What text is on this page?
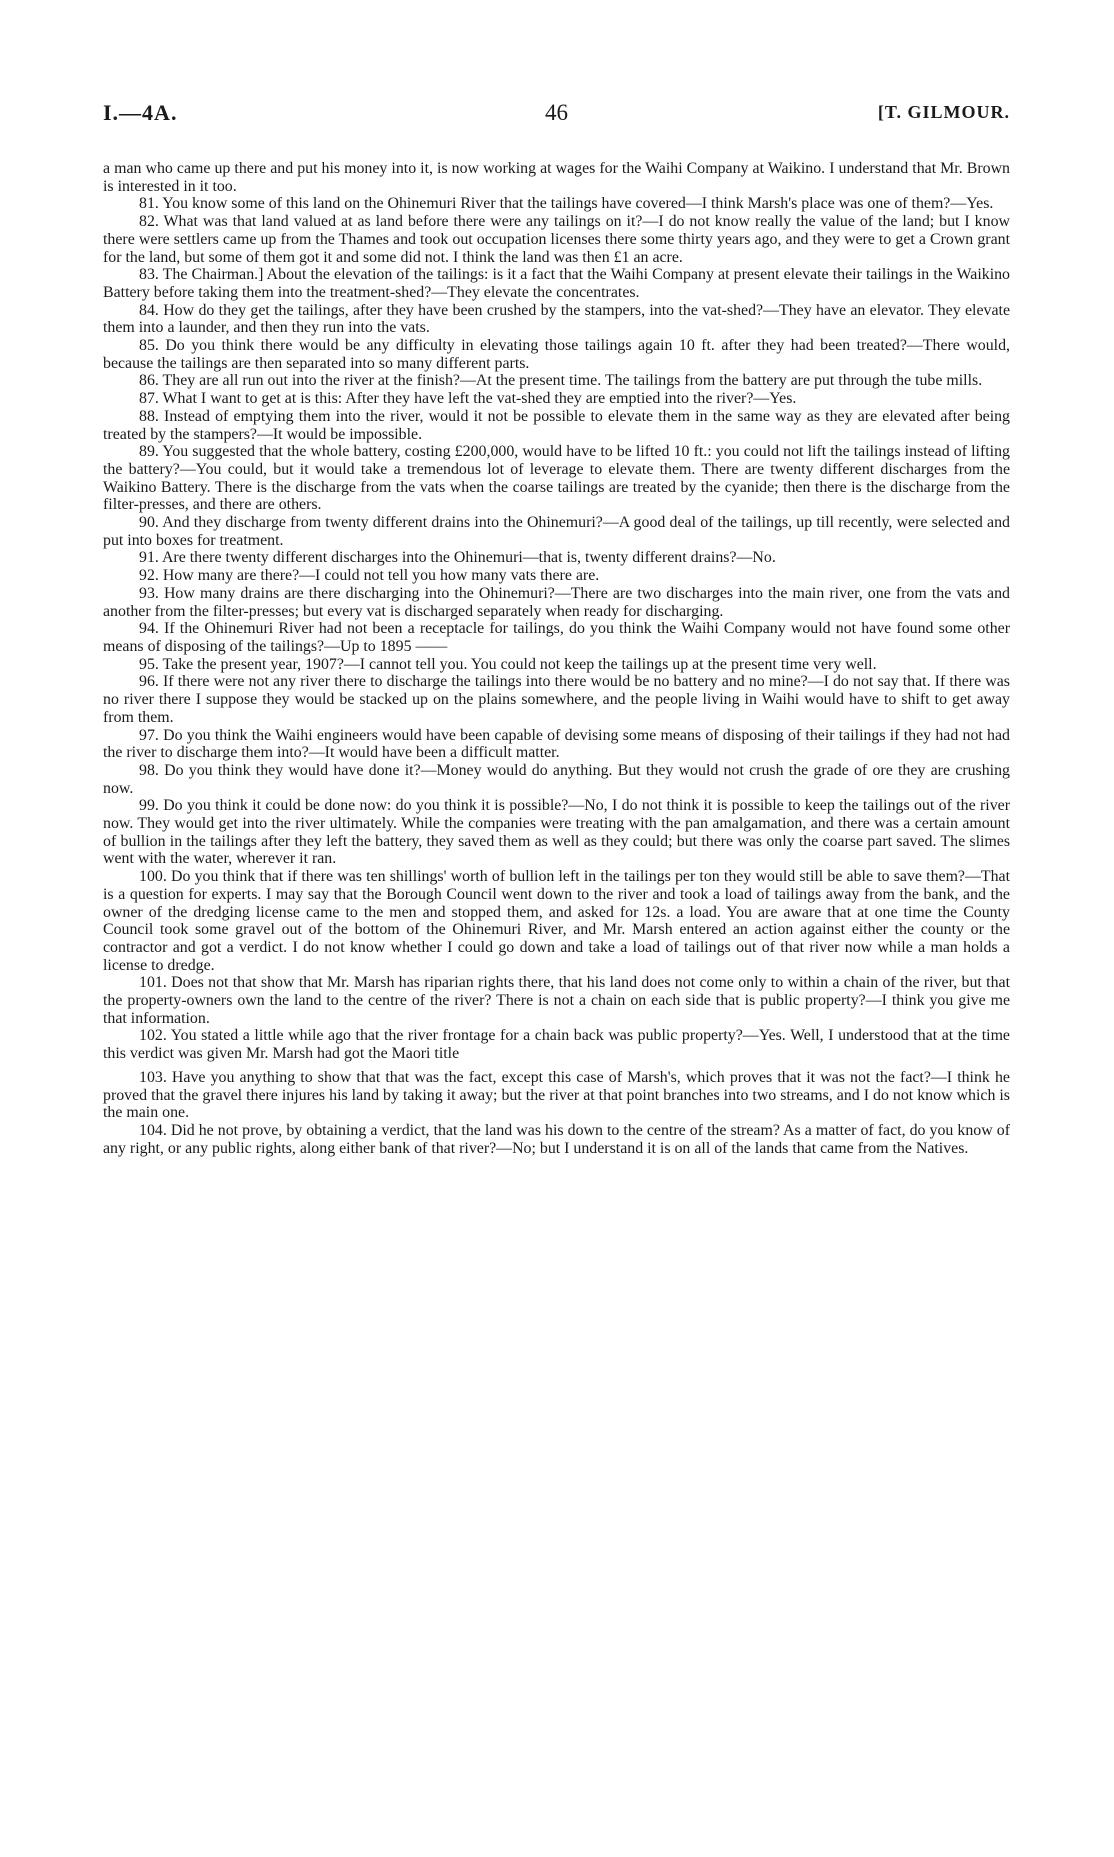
I.—4A.	46	[T. GILMOUR.

a man who came up there and put his money into it, is now working at wages for the Waihi Company at Waikino. I understand that Mr. Brown is interested in it too.

81. You know some of this land on the Ohinemuri River that the tailings have covered—I think Marsh's place was one of them?—Yes.

82. What was that land valued at as land before there were any tailings on it?—I do not know really the value of the land; but I know there were settlers came up from the Thames and took out occupation licenses there some thirty years ago, and they were to get a Crown grant for the land, but some of them got it and some did not. I think the land was then £1 an acre.

83. The Chairman.] About the elevation of the tailings: is it a fact that the Waihi Company at present elevate their tailings in the Waikino Battery before taking them into the treatment-shed?—They elevate the concentrates.

84. How do they get the tailings, after they have been crushed by the stampers, into the vat-shed?—They have an elevator. They elevate them into a launder, and then they run into the vats.

85. Do you think there would be any difficulty in elevating those tailings again 10 ft. after they had been treated?—There would, because the tailings are then separated into so many different parts.

86. They are all run out into the river at the finish?—At the present time. The tailings from the battery are put through the tube mills.

87. What I want to get at is this: After they have left the vat-shed they are emptied into the river?—Yes.

88. Instead of emptying them into the river, would it not be possible to elevate them in the same way as they are elevated after being treated by the stampers?—It would be impossible.

89. You suggested that the whole battery, costing £200,000, would have to be lifted 10 ft.: you could not lift the tailings instead of lifting the battery?—You could, but it would take a tremendous lot of leverage to elevate them. There are twenty different discharges from the Waikino Battery. There is the discharge from the vats when the coarse tailings are treated by the cyanide; then there is the discharge from the filter-presses, and there are others.

90. And they discharge from twenty different drains into the Ohinemuri?—A good deal of the tailings, up till recently, were selected and put into boxes for treatment.

91. Are there twenty different discharges into the Ohinemuri—that is, twenty different drains?—No.

92. How many are there?—I could not tell you how many vats there are.

93. How many drains are there discharging into the Ohinemuri?—There are two discharges into the main river, one from the vats and another from the filter-presses; but every vat is discharged separately when ready for discharging.

94. If the Ohinemuri River had not been a receptacle for tailings, do you think the Waihi Company would not have found some other means of disposing of the tailings?—Up to 1895 ——

95. Take the present year, 1907?—I cannot tell you. You could not keep the tailings up at the present time very well.

96. If there were not any river there to discharge the tailings into there would be no battery and no mine?—I do not say that. If there was no river there I suppose they would be stacked up on the plains somewhere, and the people living in Waihi would have to shift to get away from them.

97. Do you think the Waihi engineers would have been capable of devising some means of disposing of their tailings if they had not had the river to discharge them into?—It would have been a difficult matter.

98. Do you think they would have done it?—Money would do anything. But they would not crush the grade of ore they are crushing now.

99. Do you think it could be done now: do you think it is possible?—No, I do not think it is possible to keep the tailings out of the river now. They would get into the river ultimately. While the companies were treating with the pan amalgamation, and there was a certain amount of bullion in the tailings after they left the battery, they saved them as well as they could; but there was only the coarse part saved. The slimes went with the water, wherever it ran.

100. Do you think that if there was ten shillings' worth of bullion left in the tailings per ton they would still be able to save them?—That is a question for experts. I may say that the Borough Council went down to the river and took a load of tailings away from the bank, and the owner of the dredging license came to the men and stopped them, and asked for 12s. a load. You are aware that at one time the County Council took some gravel out of the bottom of the Ohinemuri River, and Mr. Marsh entered an action against either the county or the contractor and got a verdict. I do not know whether I could go down and take a load of tailings out of that river now while a man holds a license to dredge.

101. Does not that show that Mr. Marsh has riparian rights there, that his land does not come only to within a chain of the river, but that the property-owners own the land to the centre of the river? There is not a chain on each side that is public property?—I think you give me that information.

102. You stated a little while ago that the river frontage for a chain back was public property?—Yes. Well, I understood that at the time this verdict was given Mr. Marsh had got the Maori title

103. Have you anything to show that that was the fact, except this case of Marsh's, which proves that it was not the fact?—I think he proved that the gravel there injures his land by taking it away; but the river at that point branches into two streams, and I do not know which is the main one.

104. Did he not prove, by obtaining a verdict, that the land was his down to the centre of the stream? As a matter of fact, do you know of any right, or any public rights, along either bank of that river?—No; but I understand it is on all of the lands that came from the Natives.
